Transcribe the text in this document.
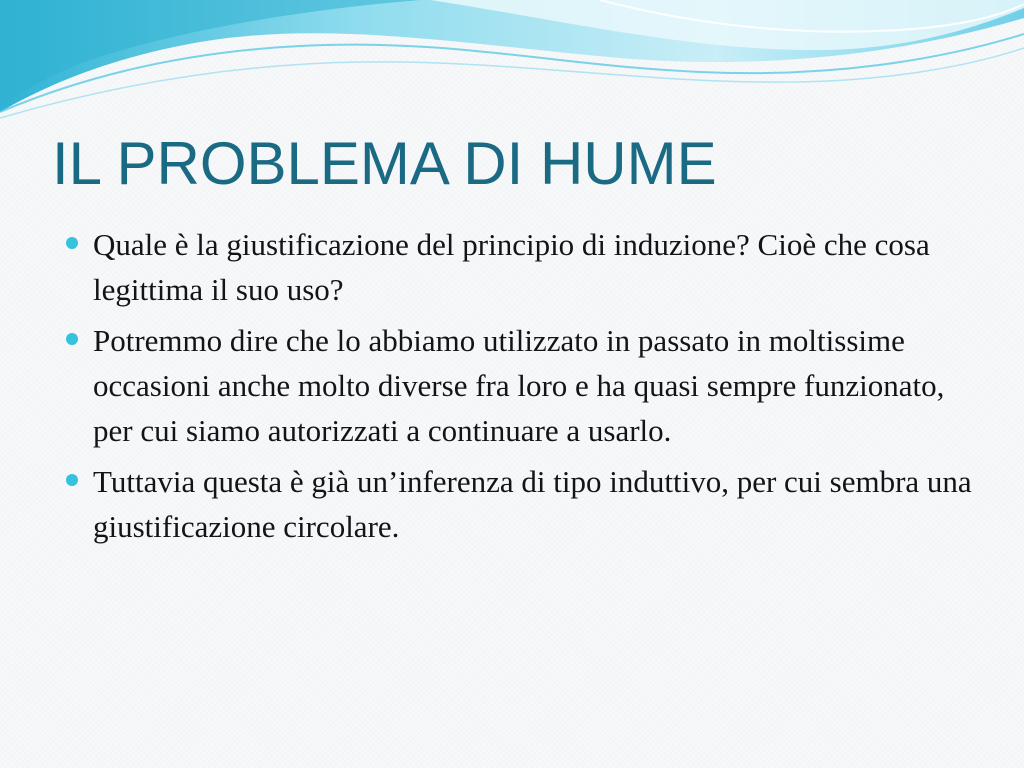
IL PROBLEMA DI HUME
Quale è la giustificazione del principio di induzione? Cioè che cosa legittima il suo uso?
Potremmo dire che lo abbiamo utilizzato in passato in moltissime occasioni anche molto diverse fra loro e ha quasi sempre funzionato, per cui siamo autorizzati a continuare a usarlo.
Tuttavia questa è già un’inferenza di tipo induttivo, per cui sembra una giustificazione circolare.
